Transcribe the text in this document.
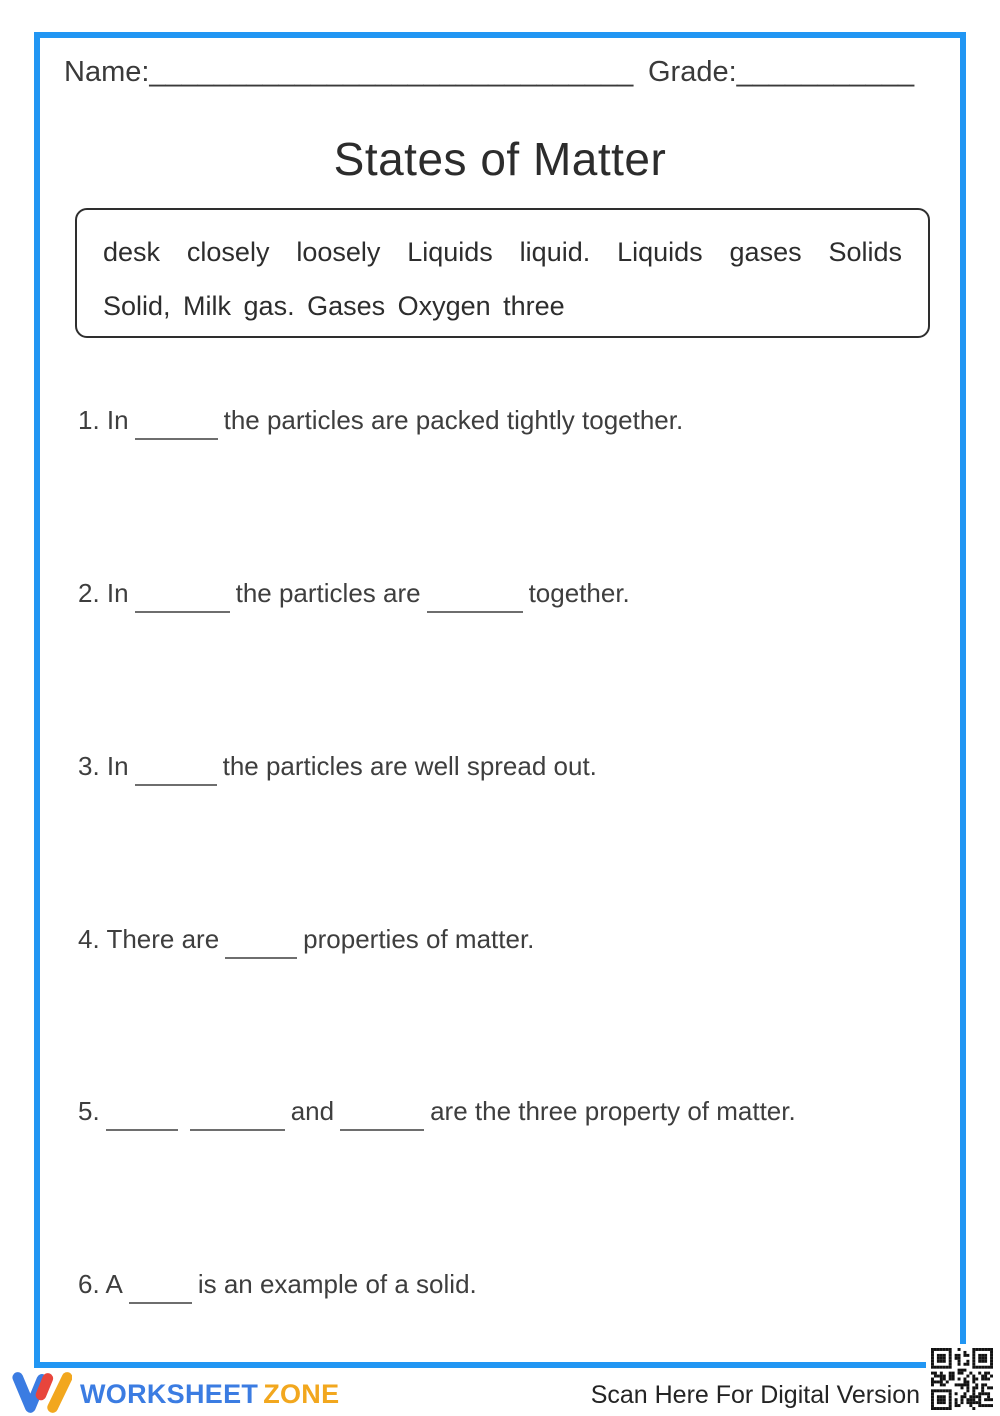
Name:______________________________ Grade:___________
States of Matter
desk closely loosely Liquids liquid. Liquids gases Solids
Solid, Milk gas. Gases Oxygen three
1. In	the particles are packed tightly together.
2. In	the particles are	together.
3. In	the particles are well spread out.
4. There are	properties of matter.
5.	and	are the three property of matter.
6. A	is an example of a solid.
WORKSHEET ZONE	Scan Here For Digital Version
